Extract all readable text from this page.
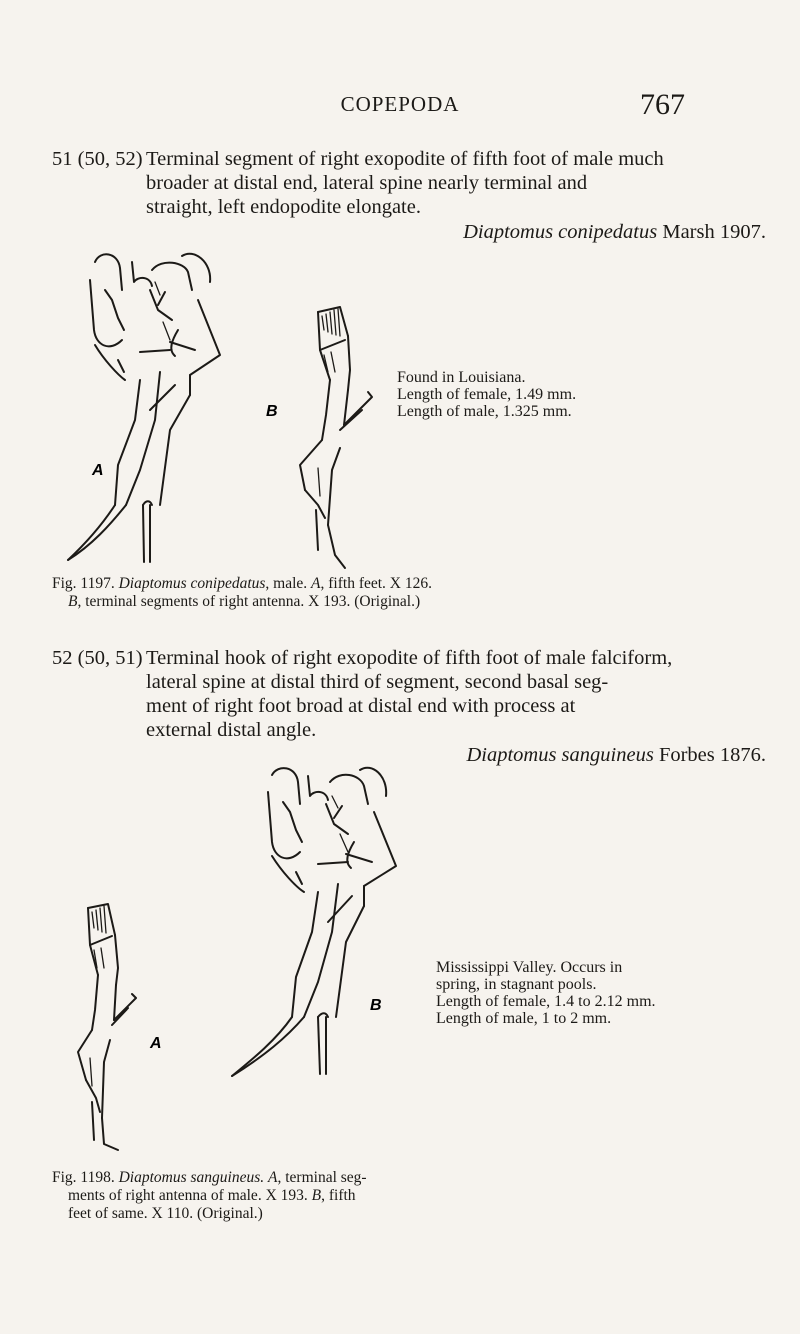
COPEPODA	767
51 (50, 52) Terminal segment of right exopodite of fifth foot of male much
broader at distal end, lateral spine nearly terminal and
straight, left endopodite elongate.
Diaptomus conipedatus Marsh 1907.
A
B
Found in Louisiana.
Length of female, 1.49 mm.
Length of male, 1.325 mm.
Fig. 1197. Diaptomus conipedatus, male. A, fifth feet. X 126.
B, terminal segments of right antenna. X 193. (Original.)
52 (50, 51) Terminal hook of right exopodite of fifth foot of male falciform,
lateral spine at distal third of segment, second basal seg-
ment of right foot broad at distal end with process at
external distal angle.
Diaptomus sanguineus Forbes 1876.
A
B
Mississippi Valley. Occurs in
spring, in stagnant pools.
Length of female, 1.4 to 2.12 mm.
Length of male, 1 to 2 mm.
Fig. 1198. Diaptomus sanguineus. A, terminal seg-
ments of right antenna of male. X 193. B, fifth
feet of same. X 110. (Original.)
